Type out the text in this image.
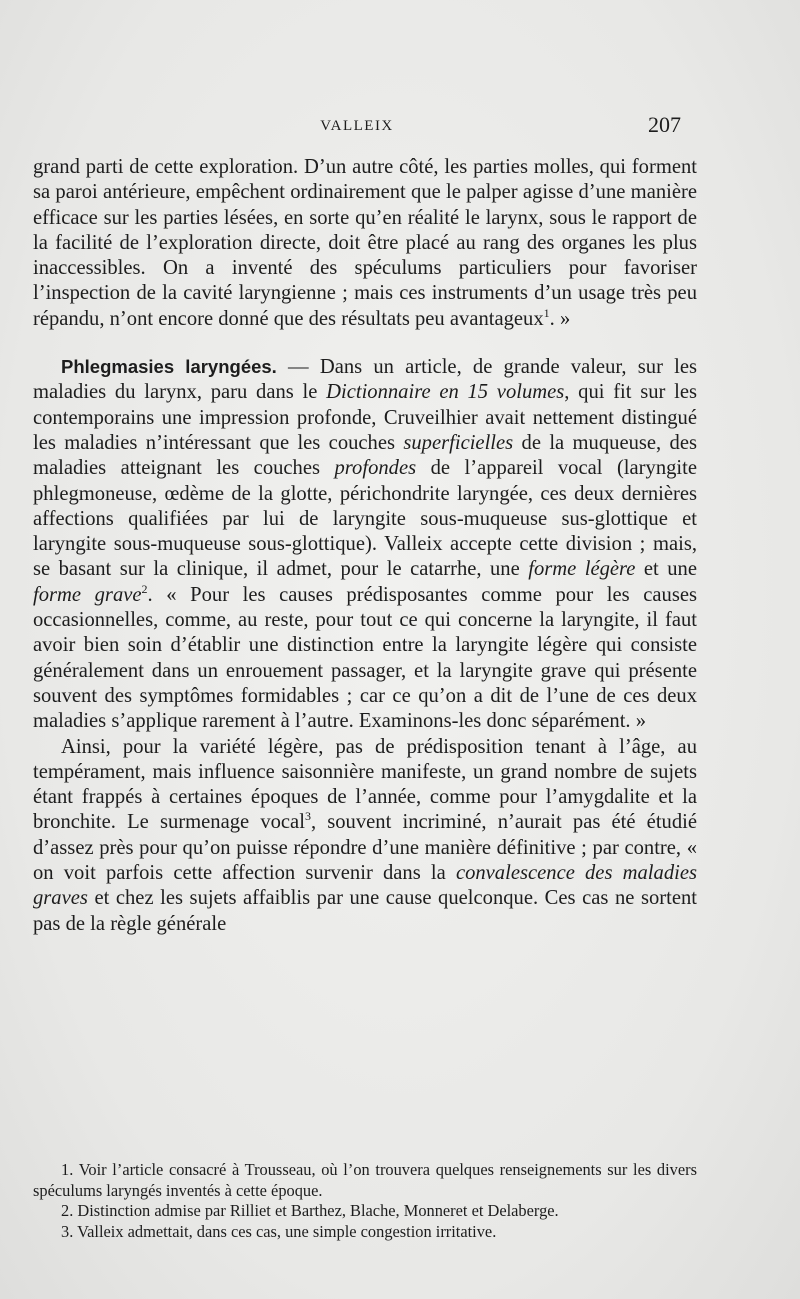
VALLEIX	207

grand parti de cette exploration. D’un autre côté, les parties molles, qui forment sa paroi antérieure, empêchent ordinairement que le palper agisse d’une manière efficace sur les parties lésées, en sorte qu’en réalité le larynx, sous le rapport de la facilité de l’exploration directe, doit être placé au rang des organes les plus inaccessibles. On a inventé des spéculums particuliers pour favoriser l’inspection de la cavité laryngienne ; mais ces instruments d’un usage très peu répandu, n’ont encore donné que des résultats peu avantageux$^1$. »

Phlegmasies laryngées. — Dans un article, de grande valeur, sur les maladies du larynx, paru dans le Dictionnaire en 15 volumes, qui fit sur les contemporains une impression profonde, Cruveilhier avait nettement distingué les maladies n’intéressant que les couches superficielles de la muqueuse, des maladies atteignant les couches profondes de l’appareil vocal (laryngite phlegmoneuse, œdème de la glotte, périchondrite laryngée, ces deux dernières affections qualifiées par lui de laryngite sous-muqueuse sus-glottique et laryngite sous-muqueuse sous-glottique). Valleix accepte cette division ; mais, se basant sur la clinique, il admet, pour le catarrhe, une forme légère et une forme grave$^2$. « Pour les causes prédisposantes comme pour les causes occasionnelles, comme, au reste, pour tout ce qui concerne la laryngite, il faut avoir bien soin d’établir une distinction entre la laryngite légère qui consiste généralement dans un enrouement passager, et la laryngite grave qui présente souvent des symptômes formidables ; car ce qu’on a dit de l’une de ces deux maladies s’applique rarement à l’autre. Examinons-les donc séparément. »

Ainsi, pour la variété légère, pas de prédisposition tenant à l’âge, au tempérament, mais influence saisonnière manifeste, un grand nombre de sujets étant frappés à certaines époques de l’année, comme pour l’amygdalite et la bronchite. Le surmenage vocal$^3$, souvent incriminé, n’aurait pas été étudié d’assez près pour qu’on puisse répondre d’une manière définitive ; par contre, « on voit parfois cette affection survenir dans la convalescence des maladies graves et chez les sujets affaiblis par une cause quelconque. Ces cas ne sortent pas de la règle générale

1. Voir l’article consacré à Trousseau, où l’on trouvera quelques renseignements sur les divers spéculums laryngés inventés à cette époque.

2. Distinction admise par Rilliet et Barthez, Blache, Monneret et Delaberge.

3. Valleix admettait, dans ces cas, une simple congestion irritative.
